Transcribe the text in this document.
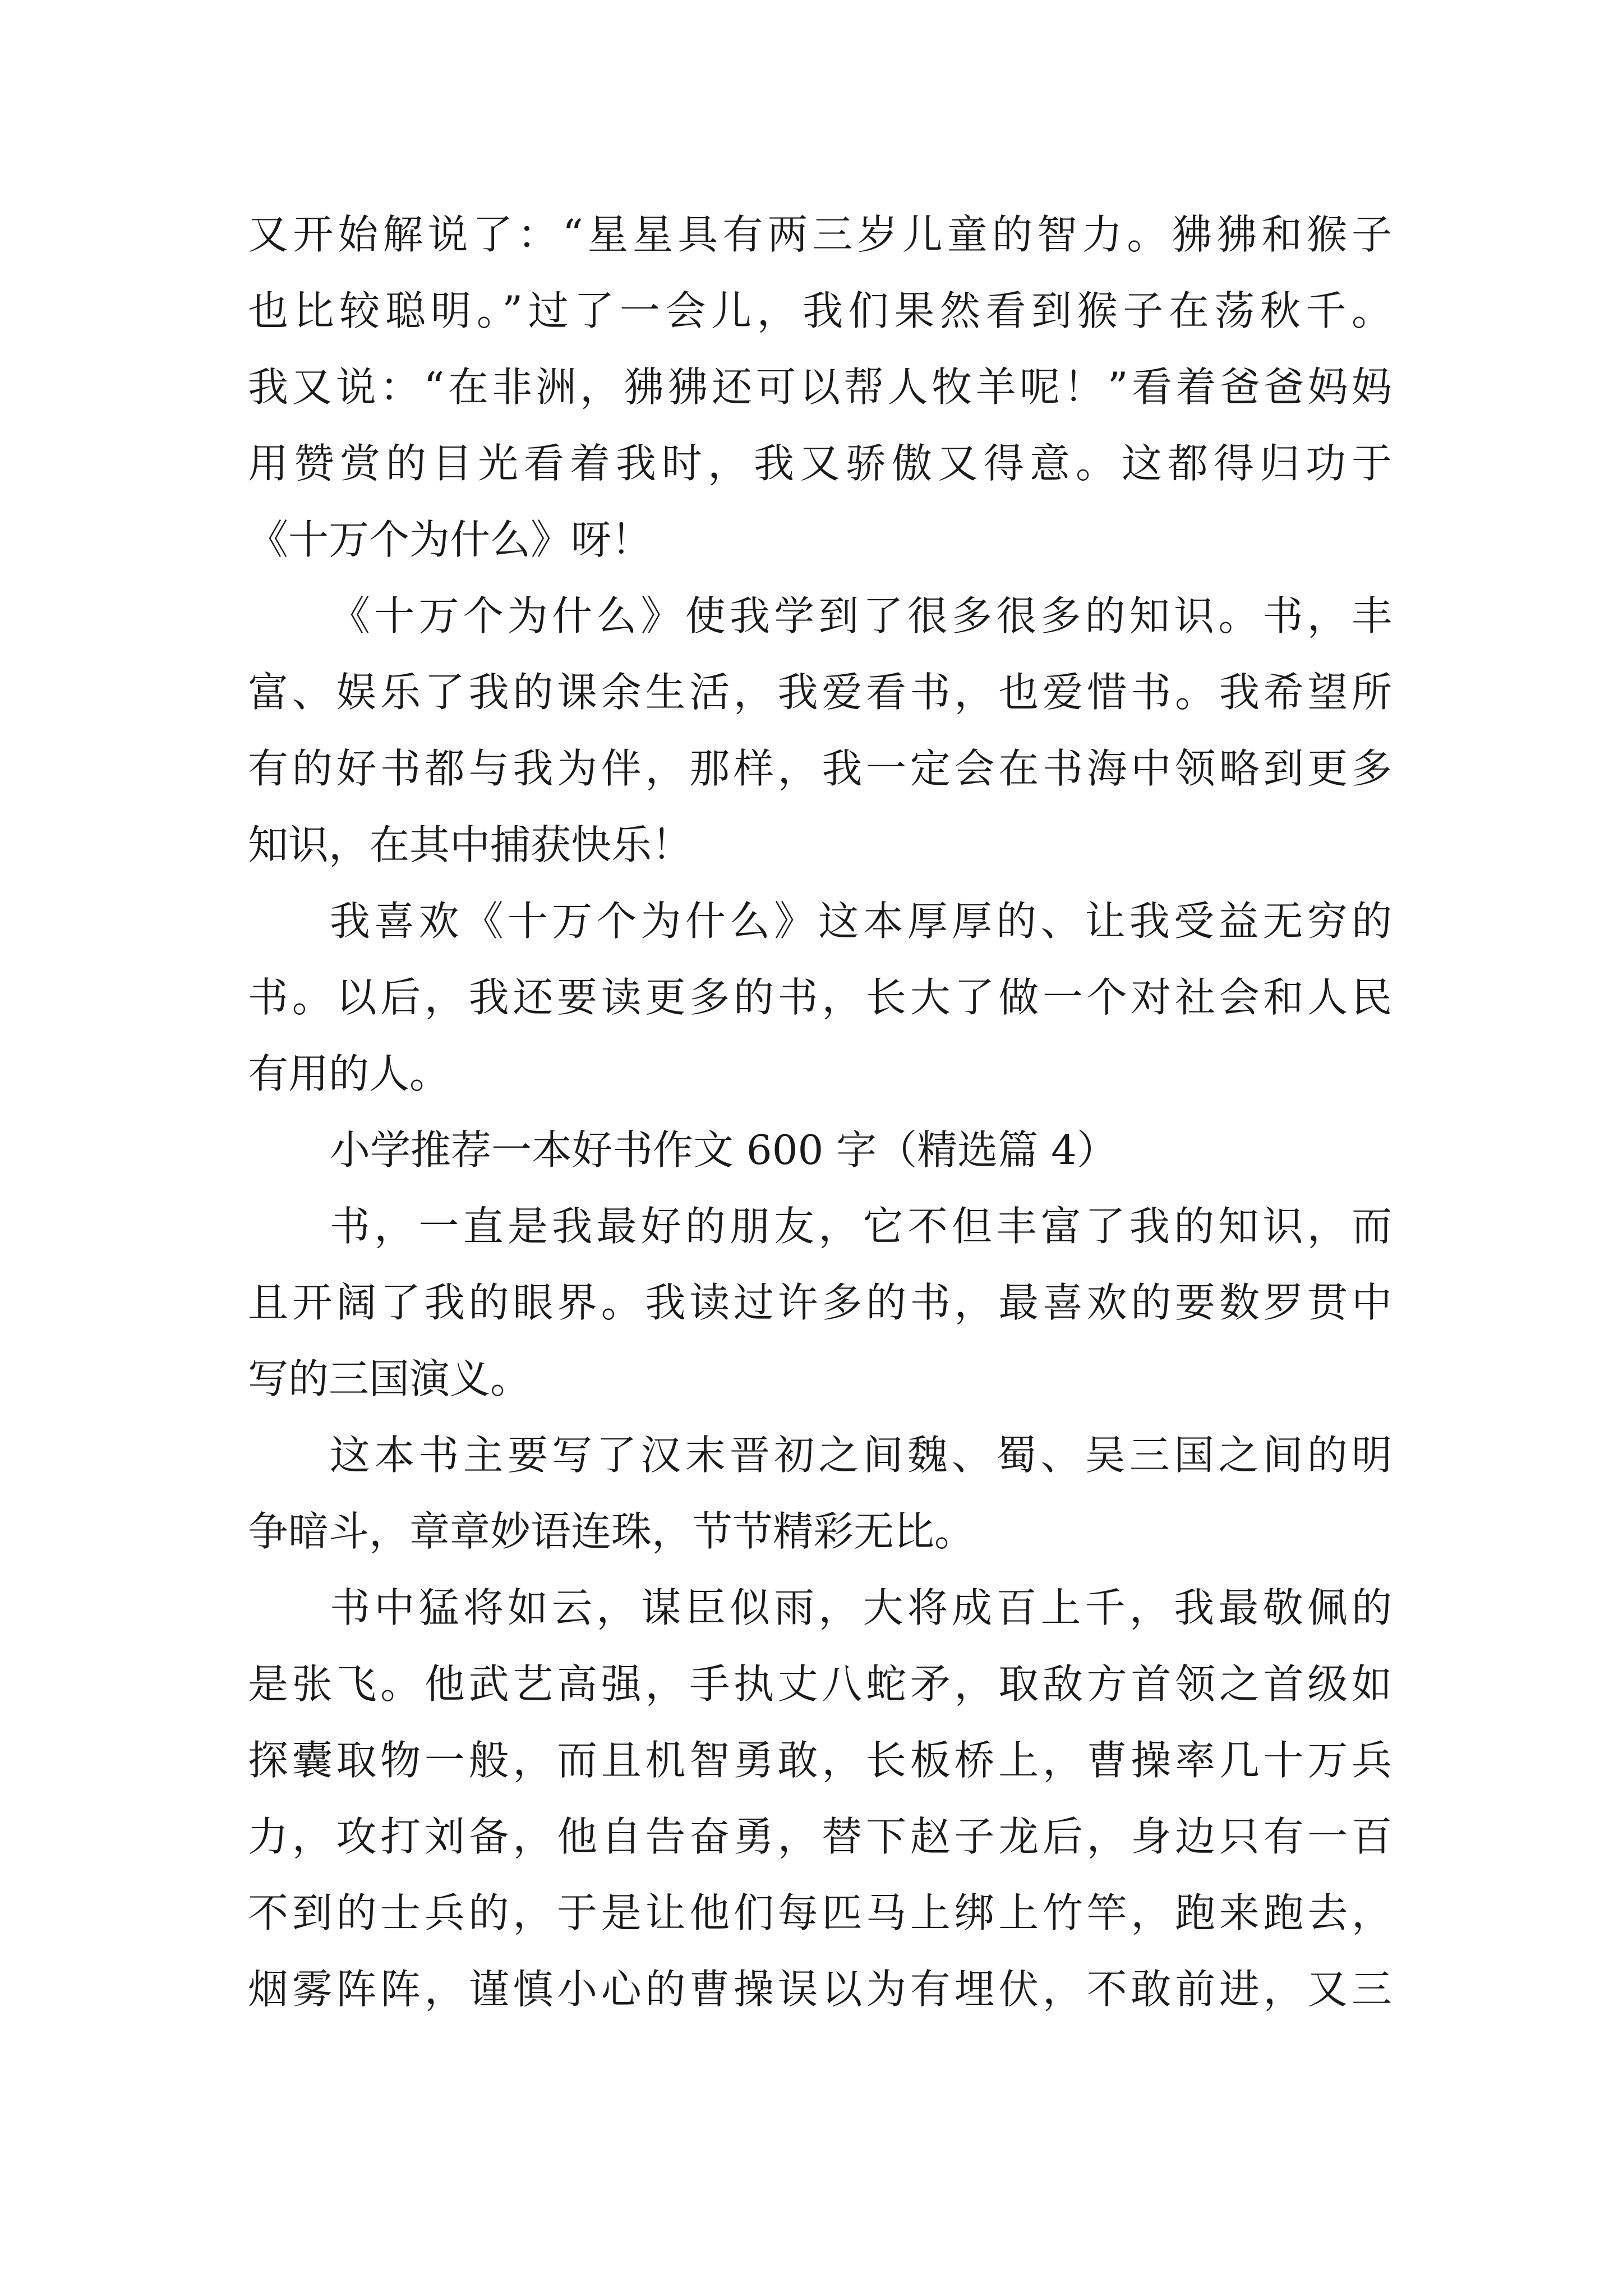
又开始解说了：“星星具有两三岁儿童的智力。狒狒和猴子
也比较聪明。”过了一会儿，我们果然看到猴子在荡秋千。
我又说：“在非洲，狒狒还可以帮人牧羊呢！”看着爸爸妈妈
用赞赏的目光看着我时，我又骄傲又得意。这都得归功于
《十万个为什么》呀！
《十万个为什么》使我学到了很多很多的知识。书，丰
富、娱乐了我的课余生活，我爱看书，也爱惜书。我希望所
有的好书都与我为伴，那样，我一定会在书海中领略到更多
知识，在其中捕获快乐！
我喜欢《十万个为什么》这本厚厚的、让我受益无穷的
书。以后，我还要读更多的书，长大了做一个对社会和人民
有用的人。
小学推荐一本好书作文 600 字（精选篇 4）
书，一直是我最好的朋友，它不但丰富了我的知识，而
且开阔了我的眼界。我读过许多的书，最喜欢的要数罗贯中
写的三国演义。
这本书主要写了汉末晋初之间魏、蜀、吴三国之间的明
争暗斗，章章妙语连珠，节节精彩无比。
书中猛将如云，谋臣似雨，大将成百上千，我最敬佩的
是张飞。他武艺高强，手执丈八蛇矛，取敌方首领之首级如
探囊取物一般，而且机智勇敢，长板桥上，曹操率几十万兵
力，攻打刘备，他自告奋勇，替下赵子龙后，身边只有一百
不到的士兵的，于是让他们每匹马上绑上竹竿，跑来跑去，
烟雾阵阵，谨慎小心的曹操误以为有埋伏，不敢前进，又三
